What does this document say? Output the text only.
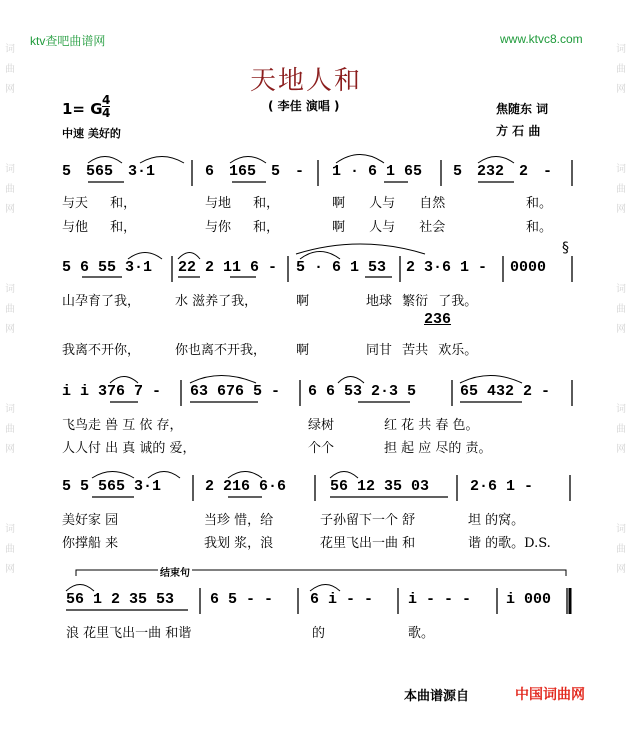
词曲网
词曲网
词曲网
词曲网
词曲网
词曲网
词曲网
词曲网
词曲网
词曲网
ktv查吧曲谱网	www.ktvc8.com
天地人和
( 李佳 演唱 )
1= G 4
4
中速 美好的
焦随东 词
方 石 曲
5 565 3·1	6 165 5 - 1 · 6 1 65 5 232 2 -
与天 和，	与地 和，	啊 人与 自然	和。
与他 和，	与你 和，	啊 人与 社会	和。
§
5 6 55 3·1 22 2 11 6 - 5 · 6 1 53 2 3·6 1 - 0000
山孕育了我，	水 滋养了我，	啊	地球 繁衍 了我。
236
我离不开你，	你也离不开我， 啊	同甘 苦共 欢乐。
i i 376 7 - 63 676 5 - 6 6 53 2·3 5	65 432 2 -
飞鸟走 兽 互 依 存，	绿树	红 花 共 春 色。
人人付 出 真 诚的 爱，	个个	担 起 应 尽的 责。
5 5 565 3·1	2 216 6·6	56 12 35 03	2·6 1 -
美好家 园	当珍 惜，给	子孙留下一个 舒	坦 的窝。
你撑船 来	我划 浆，浪	花里飞出一曲 和	谐 的歌。D.S.
结束句
56 1 2 35 53 6 5 - - 6 i - - i - - - i 000
浪 花里飞出一曲 和谐	的	歌。
本曲谱源自	中国词曲网
